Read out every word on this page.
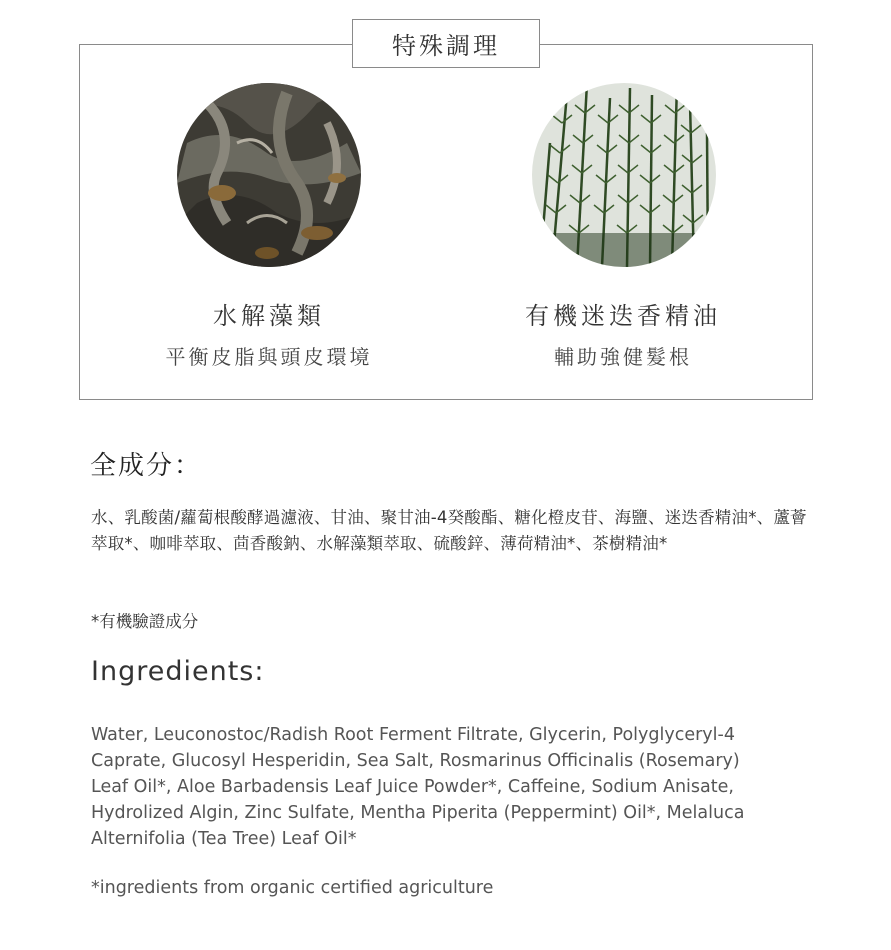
特殊調理
水解藻類
平衡皮脂與頭皮環境
有機迷迭香精油
輔助強健髮根
全成分：
水、乳酸菌/蘿蔔根酸酵過濾液、甘油、聚甘油-4癸酸酯、糖化橙皮苷、海鹽、迷迭香精油*、蘆薈萃取*、咖啡萃取、茴香酸鈉、水解藻類萃取、硫酸鋅、薄荷精油*、茶樹精油*
*有機驗證成分
Ingredients:
Water, Leuconostoc/Radish Root Ferment Filtrate, Glycerin, Polyglyceryl-4
Caprate, Glucosyl Hesperidin, Sea Salt, Rosmarinus Officinalis (Rosemary)
Leaf Oil*, Aloe Barbadensis Leaf Juice Powder*, Caffeine, Sodium Anisate,
Hydrolized Algin, Zinc Sulfate, Mentha Piperita (Peppermint) Oil*, Melaluca
Alternifolia (Tea Tree) Leaf Oil*
*ingredients from organic certified agriculture
